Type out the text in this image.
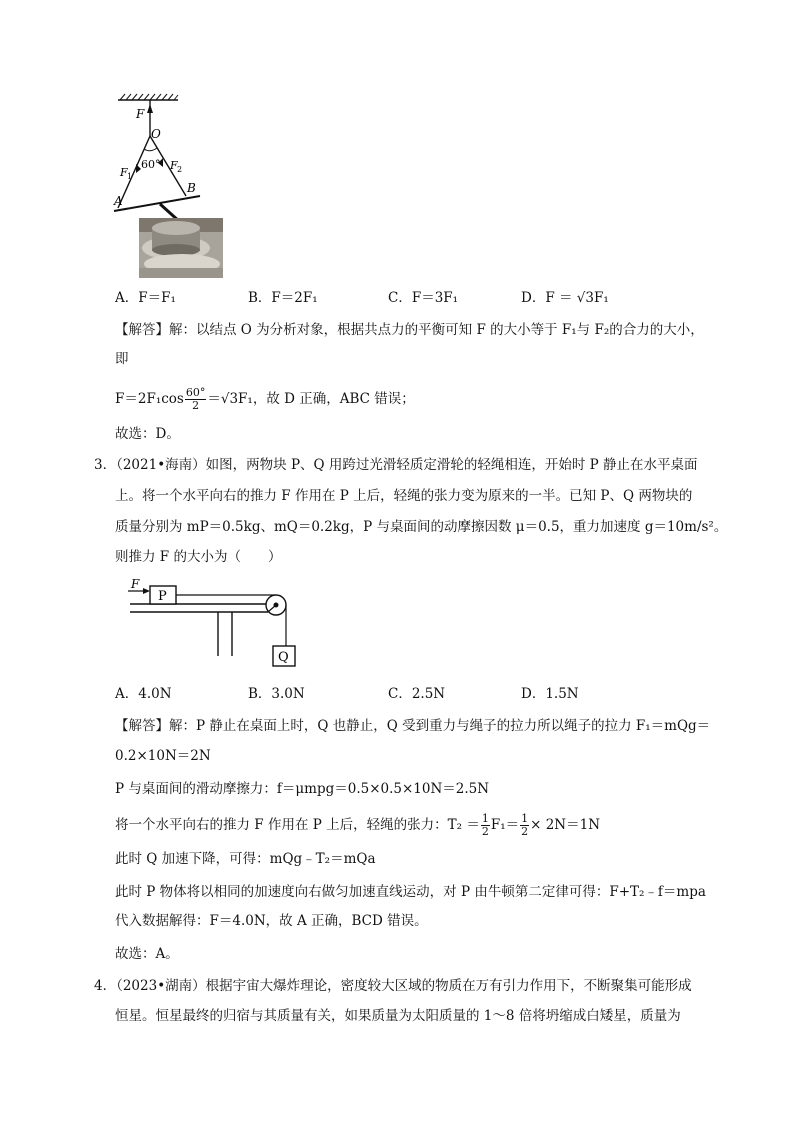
F
O
60°
F 1
F 2
A
B
A．F＝F₁	B．F＝2F₁	C．F＝3F₁	D．F ＝ √3F₁
【解答】解：以结点 O 为分析对象，根据共点力的平衡可知 F 的大小等于 F₁与 F₂的合力的大小，
即
$F=2F_1\cos \frac{60^\circ}{2} =√3F_1$，故 D 正确，ABC 错误；
故选：D。
3．（2021•海南）如图，两物块 P、Q 用跨过光滑轻质定滑轮的轻绳相连，开始时 P 静止在水平桌面
上。将一个水平向右的推力 F 作用在 P 上后，轻绳的张力变为原来的一半。已知 P、Q 两物块的
质量分别为 mP＝0.5kg、mQ＝0.2kg，P 与桌面间的动摩擦因数 μ＝0.5，重力加速度 g＝10m/s²。
则推力 F 的大小为（　　）
P
F
Q
A．4.0N	B．3.0N	C．2.5N	D．1.5N
【解答】解：P 静止在桌面上时，Q 也静止，Q 受到重力与绳子的拉力所以绳子的拉力 F₁＝mQg＝
0.2×10N＝2N
P 与桌面间的滑动摩擦力：f＝μmpg＝0.5×0.5×10N＝2.5N
将一个水平向右的推力 F 作用在 P 上后，轻绳的张力：$T_2 = \frac{1}{2} F_1= \frac{1}{2} \times 2N=1N$
此时 Q 加速下降，可得：mQg﹣T₂＝mQa
此时 P 物体将以相同的加速度向右做匀加速直线运动，对 P 由牛顿第二定律可得：F+T₂﹣f＝mpa
代入数据解得：F＝4.0N，故 A 正确，BCD 错误。
故选：A。
4．（2023•湖南）根据宇宙大爆炸理论，密度较大区域的物质在万有引力作用下，不断聚集可能形成
恒星。恒星最终的归宿与其质量有关，如果质量为太阳质量的 1～8 倍将坍缩成白矮星，质量为
